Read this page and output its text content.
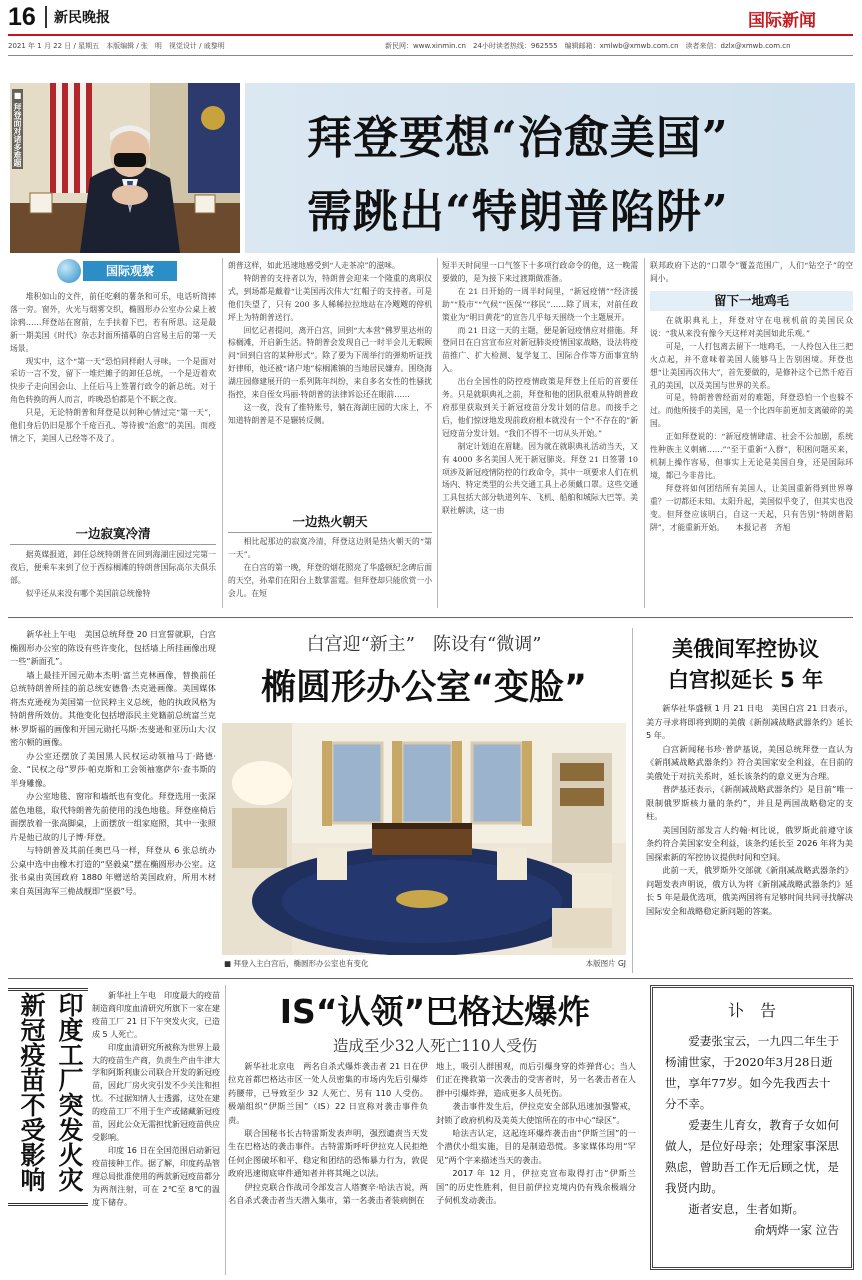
16 新民晚报	国际新闻
2021 年 1 月 22 日 / 星期五　本版编辑 / 张　明　视觉设计 / 戚黎明	新民网：www.xinmin.cn　24小时读者热线：962555　编辑邮箱：xmlwb@xmwb.com.cn　读者来信：dzlx@xmwb.com.cn
■ 拜登面对诸多难题	拜登要想“治愈美国”
需跳出“特朗普陷阱”
国际观察

堆积如山的文件，前任吃剩的薯条和可乐，电话听筒摔落一旁。窗外，火光与烟雾交织，椭圆形办公室办公桌上被涂鸦……拜登站在窗前，左手扶着下巴，若有所思。这是最新一期美国《时代》杂志封面所描摹的白宫易主后的第一天场景。

现实中，这个“第一天”恐怕同样耐人寻味。一个是面对采访一言不发，留下一堆烂摊子的卸任总统，一个是迈着欢快步子走向国会山、上任后马上签署行政令的新总统。对于角色转换的两人而言，昨晚恐怕都是个不眠之夜。

只是，无论特朗普和拜登是以何种心情过完“第一天”，他们身后仍旧是那个千疮百孔、等待被“治愈”的美国。而疫情之下，美国人已经等不及了。

一边寂寞冷清

据英媒报道，卸任总统特朗普在回到海湖庄园过完第一夜后，便乘车来到了位于西棕榈滩的特朗普国际高尔夫俱乐部。

似乎还从来没有哪个美国前总统像特

朗普这样，如此迅速地感受到“人走茶凉”的滋味。

特朗普的支持者以为，特朗普会迎来一个隆重的离职仪式，到场都是戴着“让美国再次伟大”红帽子的支持者。可是他们失望了，只有 200 多人稀稀拉拉地站在冷飕飕的停机坪上为特朗普送行。

回忆记者提问，离开白宫，回到“大本营”佛罗里达州的棕榈滩，开启新生活。特朗普会发现自己一时半会儿无暇顾问“回到白宫的某种形式”。除了要为下周举行的弹劾听证找好律师，他还被“诸户地”棕榈滩镇的当地居民嫌弃。围绕海湖庄园修建展开的一系列陈年纠纷，来自多名女性的性骚扰指控，来自侄女玛丽·特朗普的法律诉讼还在眼前……

这一夜，没有了推特账号，躺在海湖庄园的大床上，不知道特朗普是不是辗转反侧。

一边热火朝天

相比起那边的寂寞冷清，拜登这边则是热火朝天的“第一天”。

在白宫的第一晚，拜登的烟花照亮了华盛顿纪念碑后面的天空，孙辈们在阳台上数掌雷霆。但拜登却只能欣赏一小会儿。在短

短半天时间里一口气签下十多项行政命令的他，这一晚需要做的，是为接下来过渡期做准备。

在 21 日开始的一周半时间里，“新冠疫情”“经济援助”“股市”“气候”“医保”“移民”……除了周末，对前任政策业为“明日黄花”的宣告几乎每天围绕一个主题展开。

而 21 日这一天的主题，便是新冠疫情应对措施。拜登同日在白宫宣布应对新冠肺炎疫情国家战略，设法将疫苗推广、扩大检测、复学复工、国际合作等方面事宜纳入。

出台全国性的防控疫情政策是拜登上任后的首要任务。只是就职典礼之前，拜登和他的团队很难从特朗普政府那里获取到关于新冠疫苗分发计划的信息。而接手之后，他们惊讶地发现前政府根本就没有一个“不存在的”新冠疫苗分发计划。“我们不得不一切从头开始。”

制定计划迫在眉睫。因为就在就职典礼活动当天，又有 4000 多名美国人死于新冠肺炎。拜登 21 日签署 10 项涉及新冠疫情防控的行政命令，其中一项要求人们在机场内、特定类型的公共交通工具上必须戴口罩。这些交通工具包括大部分轨道列车、飞机、船舶和城际大巴等。美联社解读，这一由

联邦政府下达的“口罩令”覆盖范围广，人们“钻空子”的空间小。

留下一地鸡毛

在就职典礼上，拜登对守在电视机前的美国民众说：“我从来没有像今天这样对美国如此乐观。”

可是，一人打包离去留下一地鸡毛，一人拎包入住三把火点起，并不意味着美国人能够马上告别困境。拜登也想“让美国再次伟大”，首先要做的，是修补这个已然千疮百孔的美国，以及美国与世界的关系。

可是，特朗普曾经面对的难题，拜登恐怕一个也躲不过。而他所接手的美国，是一个比四年前更加支离破碎的美国。

正如拜登说的：“新冠疫情肆虐、社会不公加剧，系统性种族主义刺痛……”“至于重新“入群”，积困问题买来，机制上操作容易，但事实上无论是美国自身，还是国际环境，都已今非昔比。

拜登将如何团结所有美国人，让美国重新得到世界尊重？一切都还未知。太阳升起，美国似乎变了，但其实也没变。但拜登应该明白，自这一天起，只有告别“特朗普陷阱”，才能重新开始。　　本报记者　齐旭

新华社上午电　美国总统拜登 20 日宣誓就职，白宫椭圆形办公室的陈设有些许变化，包括墙上所挂画像出现一些“新面孔”。

墙上最挂开国元勋本杰明·富兰克林画像，替换前任总统特朗普所挂的前总统安德鲁·杰克逊画像。美国媒体将杰克逊视为美国第一位民粹主义总统，他的执政风格为特朗普所效仿。其他变化包括增添民主党籍前总统富兰克林·罗斯福的画像和开国元勋托马斯·杰斐逊和亚历山大·汉密尔顿的画像。

办公室还摆放了美国黑人民权运动领袖马丁·路德·金、“民权之母”罗莎·帕克斯和工会领袖塞萨尔·查韦斯的半身雕像。

办公室地毯、窗帘和墙纸也有变化。拜登选用一张深蓝色地毯，取代特朗普先前使用的浅色地毯。拜登座椅后面摆放着一张高脚桌，上面摆放一组家庭照，其中一张照片是他已故的儿子博·拜登。

与特朗普及其前任奥巴马一样，拜登从 6 张总统办公桌中选中由橡木打造的“坚毅桌”摆在椭圆形办公室。这张书桌由英国政府 1880 年赠送给美国政府，所用木材来自英国海军三桅战舰即“坚毅”号。

白宫迎“新主”　陈设有“微调”
椭圆形办公室“变脸”
■ 拜登入主白宫后，椭圆形办公室也有变化	本版图片 GJ
美俄间军控协议
白宫拟延长 5 年

新华社华盛顿 1 月 21 日电　美国白宫 21 日表示，美方寻求将即将到期的美俄《新削减战略武器条约》延长 5 年。

白宫新闻秘书珍·普萨基说，美国总统拜登一直认为《新削减战略武器条约》符合美国家安全利益，在目前的美俄处于对抗关系时，延长该条约的意义更为合理。

普萨基还表示，《新削减战略武器条约》是目前“唯一限制俄罗斯核力量的条约”，并且是两国战略稳定的支柱。

美国国防部发言人约翰·柯比说，俄罗斯此前遵守该条约符合美国家安全利益，该条约延长至 2026 年将为美国探索新的军控协议提供时间和空间。

此前一天，俄罗斯外交部就《新削减战略武器条约》问题发表声明说，俄方认为将《新削减战略武器条约》延长 5 年是最优选项，俄美两国将有足够时间共同寻找解决国际安全和战略稳定新问题的答案。

印度工厂突发火灾 新冠疫苗不受影响	新华社上午电　印度最大的疫苗制造商印度血清研究所旗下一家在建疫苗工厂 21 日下午突发火灾，已造成 5 人死亡。

印度血清研究所被称为世界上最大的疫苗生产商，负责生产由牛津大学和阿斯利康公司联合开发的新冠疫苗，因此厂房火灾引发不少关注和担忧。不过据知情人士透露，这处在建的疫苗工厂不用于生产或储藏新冠疫苗，因此公众无需担忧新冠疫苗供应受影响。

印度 16 日在全国范围启动新冠疫苗接种工作。据了解，印度药品管理总局批准使用的两款新冠疫苗都分为两剂注射，可在 2℃至 8℃的温度下储存。

IS“认领”巴格达爆炸
造成至少32人死亡110人受伤

新华社北京电　两名自杀式爆炸袭击者 21 日在伊拉克首都巴格达市区一处人员密集的市场内先后引爆炸药腰带，已导致至少 32 人死亡、另有 110 人受伤。极端组织“伊斯兰国”（IS）22 日宣称对袭击事件负责。

联合国秘书长古特雷斯发表声明，强烈谴责当天发生在巴格达的袭击事件。古特雷斯呼吁伊拉克人民拒绝任何企图破坏和平、稳定和团结的恐怖暴力行为，敦促政府迅速彻底审件通知者并将其绳之以法。

伊拉克联合作战司令部发言人塔赛辛·哈法吉说，两名自杀式袭击者当天潜入集市，第一名袭击者装病倒在

地上，吸引人群围观，而后引爆身穿的炸弹背心；当人们正在搀救第一次袭击的受害者时，另一名袭击者在人群中引爆炸弹，造成更多人员死伤。

袭击事件发生后，伊拉克安全部队迅速加强警戒，封锁了政府机构及美英大使馆所在的市中心“绿区”。

哈法吉认定，这起连环爆炸袭击由“伊斯兰国”的一个潜伏小组实施，目的是制造恐慌。多家媒体均用“罕见”两个字来描述当天的袭击。

2017 年 12 月，伊拉克宣布取得打击“伊斯兰国”的历史性胜利，但目前伊拉克境内仍有残余极端分子伺机发动袭击。

讣　告
爱妻张宝云，一九四二年生于杨浦世家，于2020年3月28日逝世，享年77岁。如今先我西去十分不幸。
爱妻生儿育女，教育子女如何做人，是位好母亲；处理家事深思熟虑，曾助吾工作无后顾之忧，是我贤内助。
逝者安息，生者如斯。
俞炳烨一家 泣告
